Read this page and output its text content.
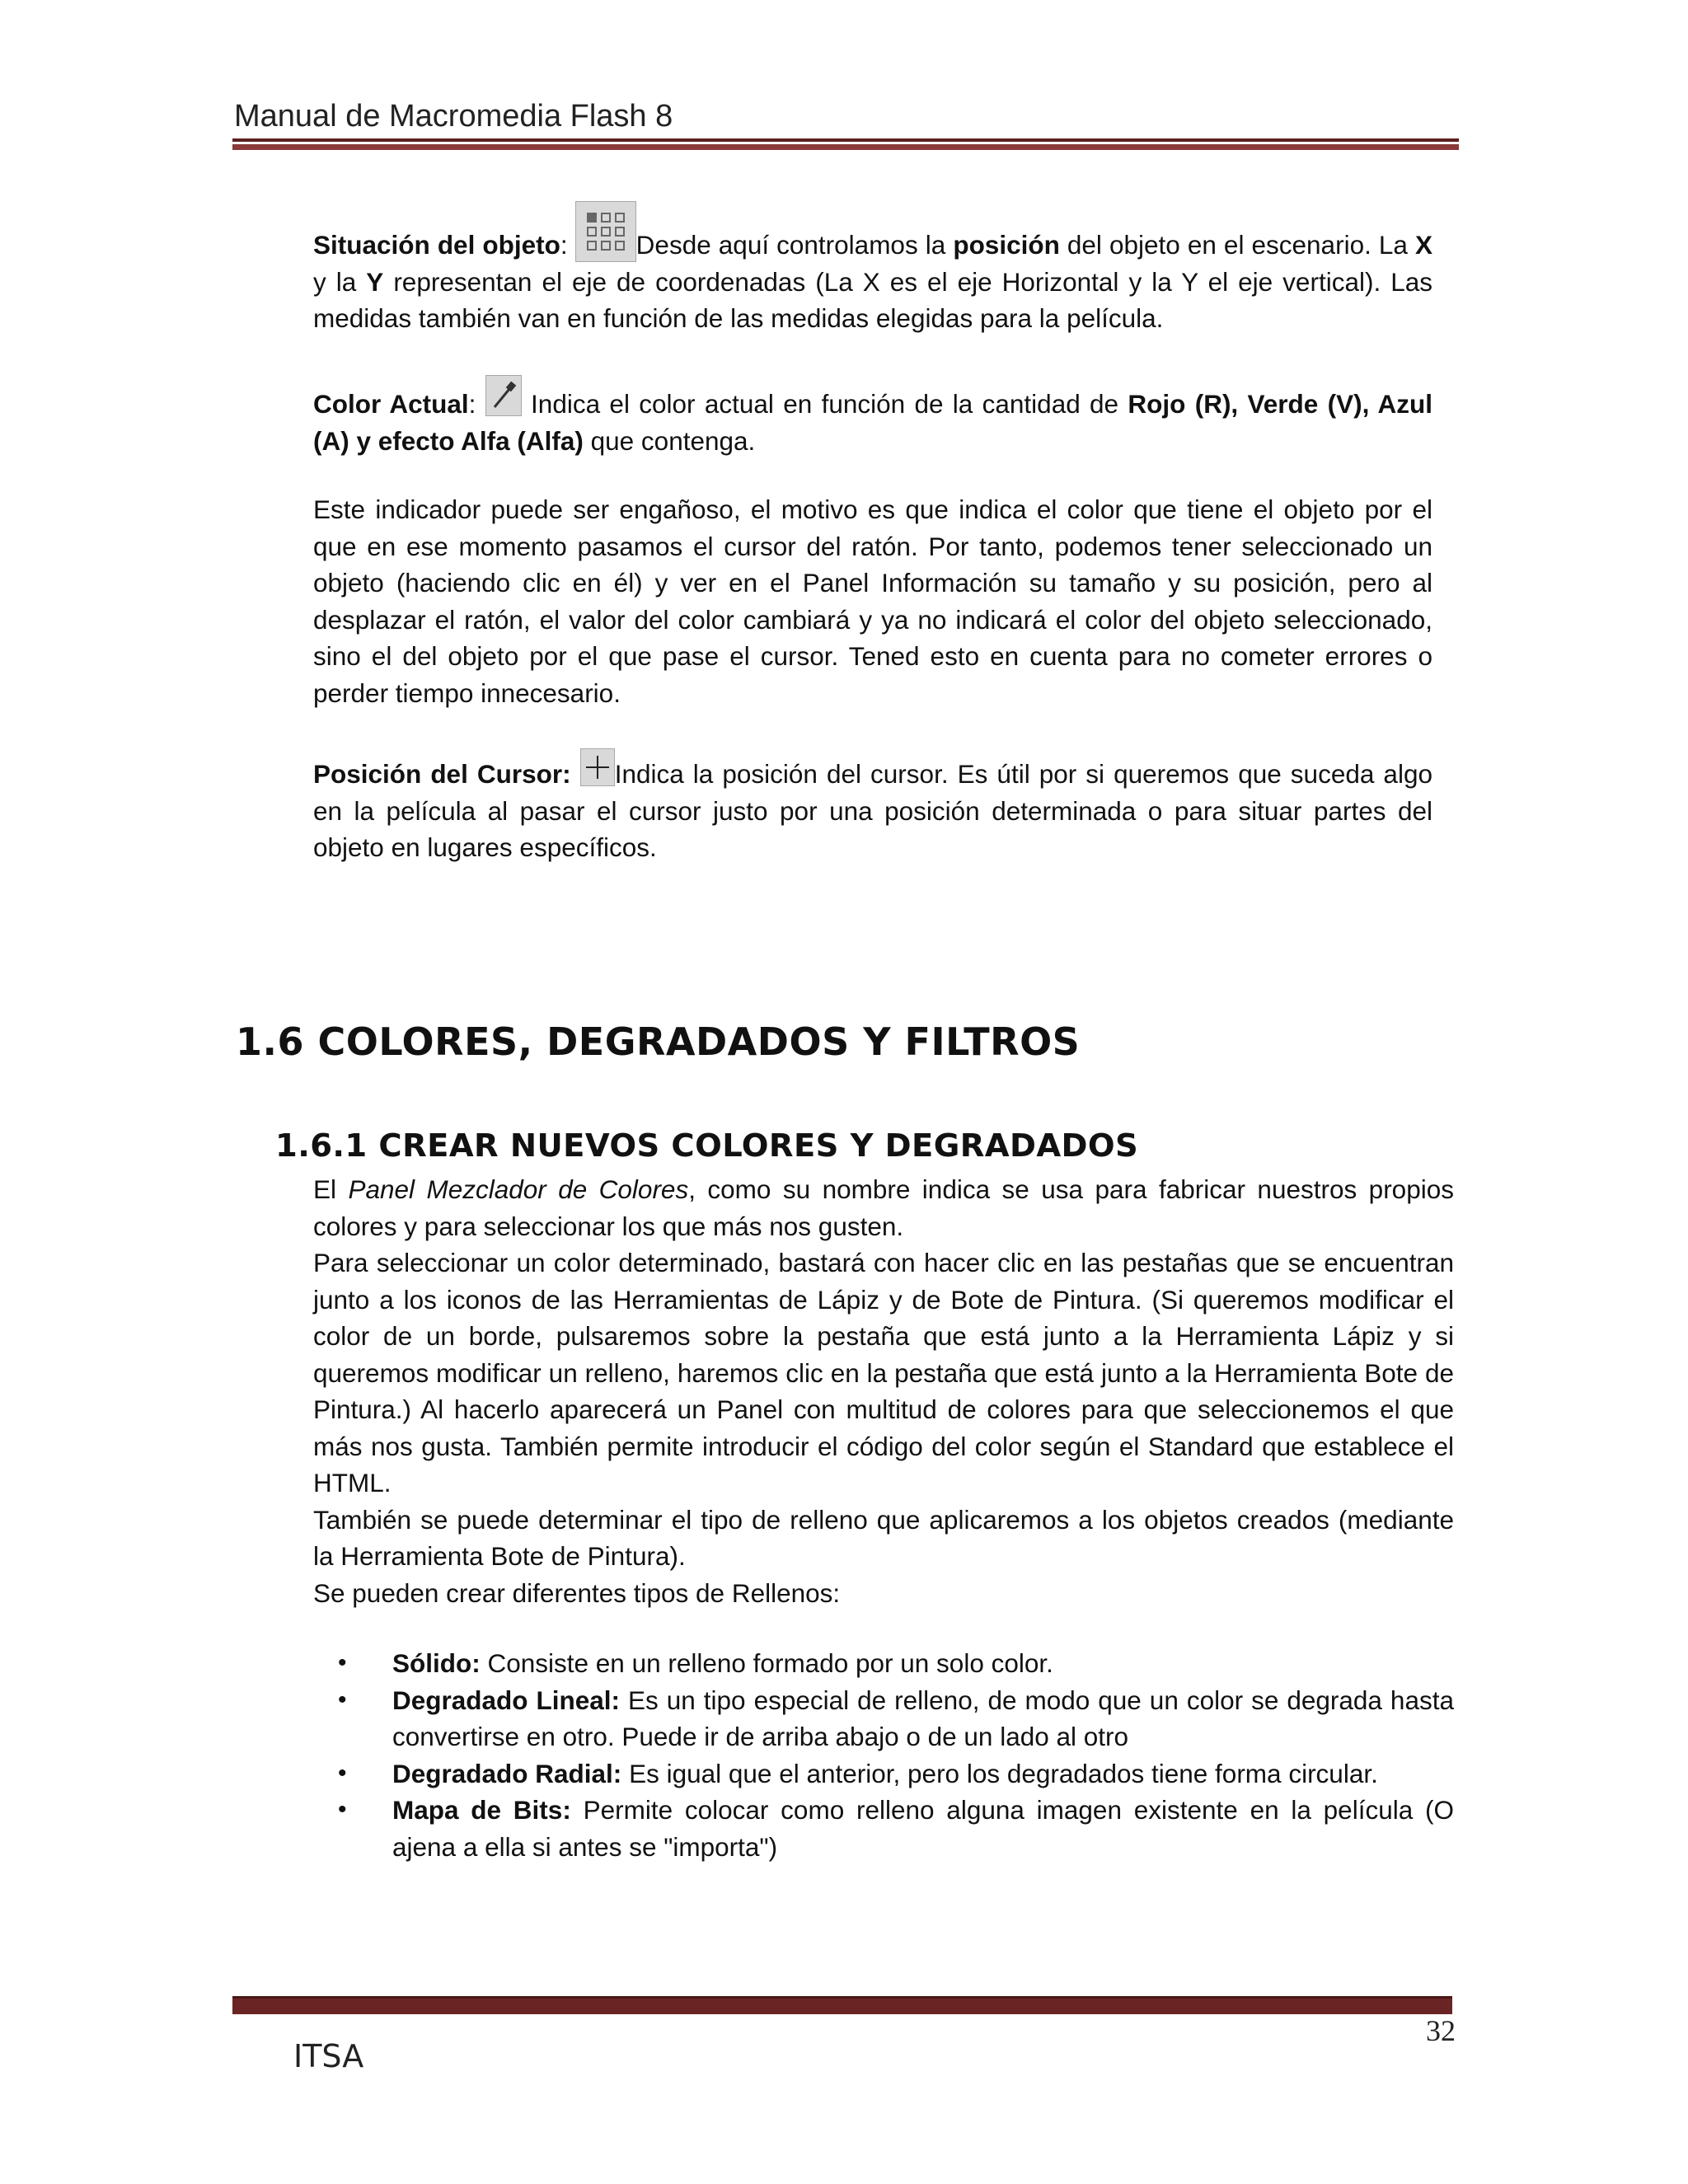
Manual de Macromedia Flash 8

Situación del objeto:
Desde aquí controlamos la posición del objeto en el escenario. La X y la Y representan el eje de coordenadas (La X es el eje Horizontal y la Y el eje vertical). Las medidas también van en función de las medidas elegidas para la película.

Color Actual:
Indica el color actual en función de la cantidad de Rojo (R), Verde (V), Azul (A) y efecto Alfa (Alfa) que contenga.

Este indicador puede ser engañoso, el motivo es que indica el color que tiene el objeto por el que en ese momento pasamos el cursor del ratón. Por tanto, podemos tener seleccionado un objeto (haciendo clic en él) y ver en el Panel Información su tamaño y su posición, pero al desplazar el ratón, el valor del color cambiará y ya no indicará el color del objeto seleccionado, sino el del objeto por el que pase el cursor. Tened esto en cuenta para no cometer errores o perder tiempo innecesario.

Posición del Cursor: Indica la posición del cursor. Es útil por si queremos que suceda algo en la película al pasar el cursor justo por una posición determinada o para situar partes del objeto en lugares específicos.

1.6 COLORES, DEGRADADOS Y FILTROS
1.6.1 CREAR NUEVOS COLORES Y DEGRADADOS
El Panel Mezclador de Colores, como su nombre indica se usa para fabricar nuestros propios colores y para seleccionar los que más nos gusten.
Para seleccionar un color determinado, bastará con hacer clic en las pestañas que se encuentran junto a los iconos de las Herramientas de Lápiz y de Bote de Pintura. (Si queremos modificar el color de un borde, pulsaremos sobre la pestaña que está junto a la Herramienta Lápiz y si queremos modificar un relleno, haremos clic en la pestaña que está junto a la Herramienta Bote de Pintura.) Al hacerlo aparecerá un Panel con multitud de colores para que seleccionemos el que más nos gusta. También permite introducir el código del color según el Standard que establece el HTML.
También se puede determinar el tipo de relleno que aplicaremos a los objetos creados (mediante la Herramienta Bote de Pintura).
Se pueden crear diferentes tipos de Rellenos:
• Sólido: Consiste en un relleno formado por un solo color.
• Degradado Lineal: Es un tipo especial de relleno, de modo que un color se degrada hasta convertirse en otro. Puede ir de arriba abajo o de un lado al otro
• Degradado Radial: Es igual que el anterior, pero los degradados tiene forma circular.
• Mapa de Bits: Permite colocar como relleno alguna imagen existente en la película (O ajena a ella si antes se "importa")
32
ITSA
